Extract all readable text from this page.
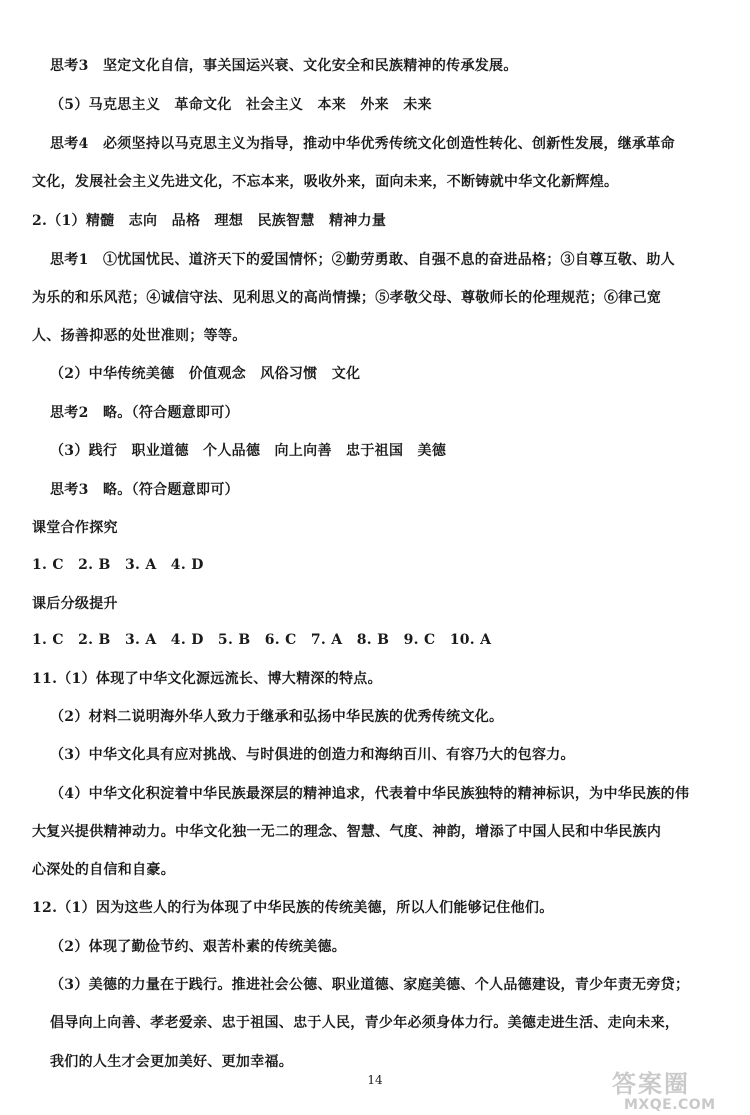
思考3　坚定文化自信，事关国运兴衰、文化安全和民族精神的传承发展。
（5）马克思主义　革命文化　社会主义　本来　外来　未来
思考4　必须坚持以马克思主义为指导，推动中华优秀传统文化创造性转化、创新性发展，继承革命
文化，发展社会主义先进文化，不忘本来，吸收外来，面向未来，不断铸就中华文化新辉煌。
2.（1）精髓　志向　品格　理想　民族智慧　精神力量
思考1　①忧国忧民、道济天下的爱国情怀；②勤劳勇敢、自强不息的奋进品格；③自尊互敬、助人
为乐的和乐风范；④诚信守法、见利思义的高尚情操；⑤孝敬父母、尊敬师长的伦理规范；⑥律己宽
人、扬善抑恶的处世准则；等等。
（2）中华传统美德　价值观念　风俗习惯　文化
思考2　略。（符合题意即可）
（3）践行　职业道德　个人品德　向上向善　忠于祖国　美德
思考3　略。（符合题意即可）
课堂合作探究
1. C　2. B　3. A　4. D
课后分级提升
1. C　2. B　3. A　4. D　5. B　6. C　7. A　8. B　9. C　10. A
11.（1）体现了中华文化源远流长、博大精深的特点。
（2）材料二说明海外华人致力于继承和弘扬中华民族的优秀传统文化。
（3）中华文化具有应对挑战、与时俱进的创造力和海纳百川、有容乃大的包容力。
（4）中华文化积淀着中华民族最深层的精神追求，代表着中华民族独特的精神标识，为中华民族的伟
大复兴提供精神动力。中华文化独一无二的理念、智慧、气度、神韵，增添了中国人民和中华民族内
心深处的自信和自豪。
12.（1）因为这些人的行为体现了中华民族的传统美德，所以人们能够记住他们。
（2）体现了勤俭节约、艰苦朴素的传统美德。
（3）美德的力量在于践行。推进社会公德、职业道德、家庭美德、个人品德建设，青少年责无旁贷；
倡导向上向善、孝老爱亲、忠于祖国、忠于人民，青少年必须身体力行。美德走进生活、走向未来，
我们的人生才会更加美好、更加幸福。
14	答案圈
MXQE.COM
